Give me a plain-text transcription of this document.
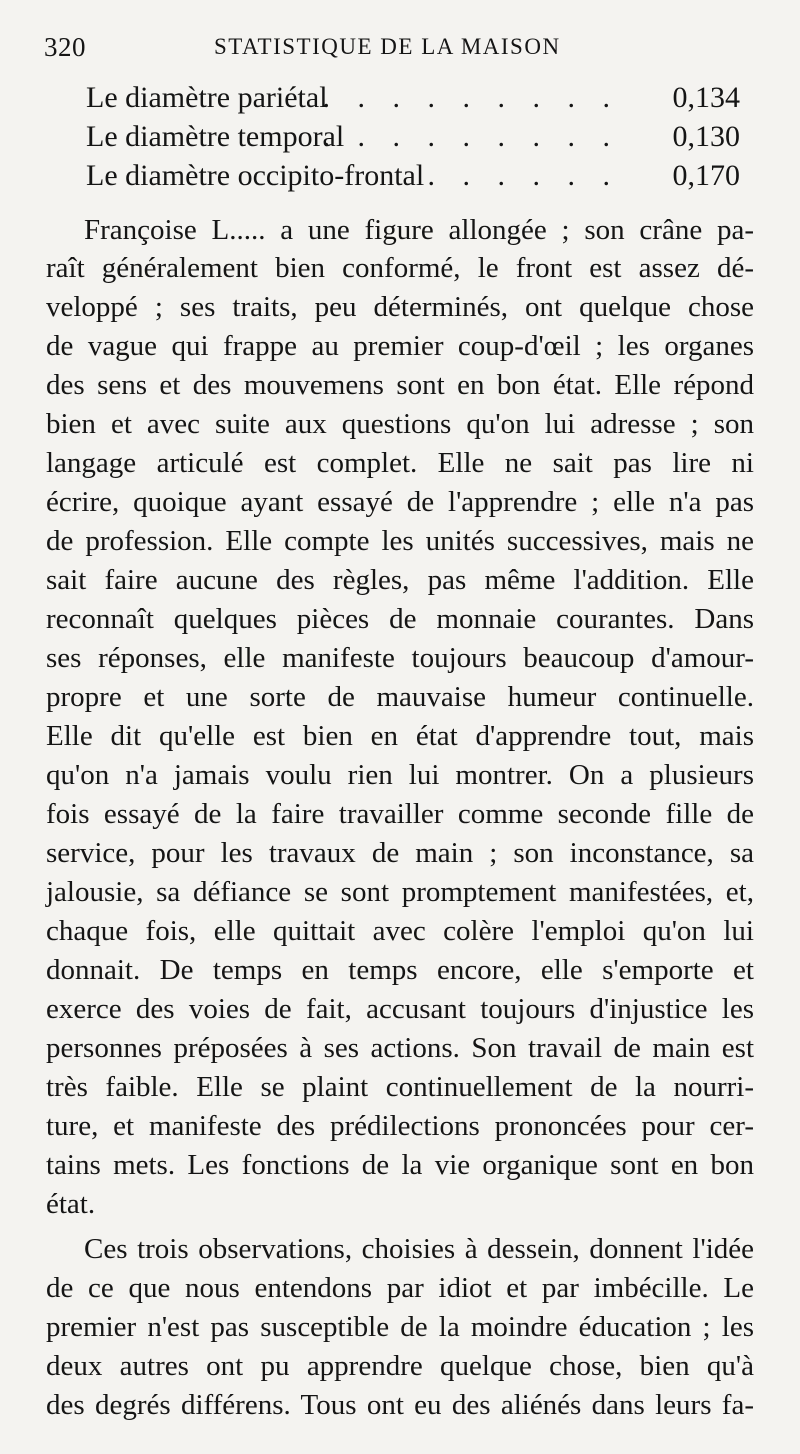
320	STATISTIQUE DE LA MAISON
Le diamètre pariétal
. . . . . . . . . 0,134
Le diamètre temporal
. . . . . . . . . 0,130
Le diamètre occipito-frontal . . . . . . 0,170
Françoise L..... a une figure allongée ; son crâne pa-
raît généralement bien conformé, le front est assez dé-
veloppé ; ses traits, peu déterminés, ont quelque chose
de vague qui frappe au premier coup-d'œil ; les organes
des sens et des mouvemens sont en bon état. Elle répond
bien et avec suite aux questions qu'on lui adresse ; son
langage articulé est complet. Elle ne sait pas lire ni
écrire, quoique ayant essayé de l'apprendre ; elle n'a pas
de profession. Elle compte les unités successives, mais ne
sait faire aucune des règles, pas même l'addition. Elle
reconnaît quelques pièces de monnaie courantes. Dans
ses réponses, elle manifeste toujours beaucoup d'amour-
propre et une sorte de mauvaise humeur continuelle.
Elle dit qu'elle est bien en état d'apprendre tout, mais
qu'on n'a jamais voulu rien lui montrer. On a plusieurs
fois essayé de la faire travailler comme seconde fille de
service, pour les travaux de main ; son inconstance, sa
jalousie, sa défiance se sont promptement manifestées, et,
chaque fois, elle quittait avec colère l'emploi qu'on lui
donnait. De temps en temps encore, elle s'emporte et
exerce des voies de fait, accusant toujours d'injustice les
personnes préposées à ses actions. Son travail de main est
très faible. Elle se plaint continuellement de la nourri-
ture, et manifeste des prédilections prononcées pour cer-
tains mets. Les fonctions de la vie organique sont en bon
état.
Ces trois observations, choisies à dessein, donnent l'idée
de ce que nous entendons par idiot et par imbécille. Le
premier n'est pas susceptible de la moindre éducation ; les
deux autres ont pu apprendre quelque chose, bien qu'à
des degrés différens. Tous ont eu des aliénés dans leurs fa-
